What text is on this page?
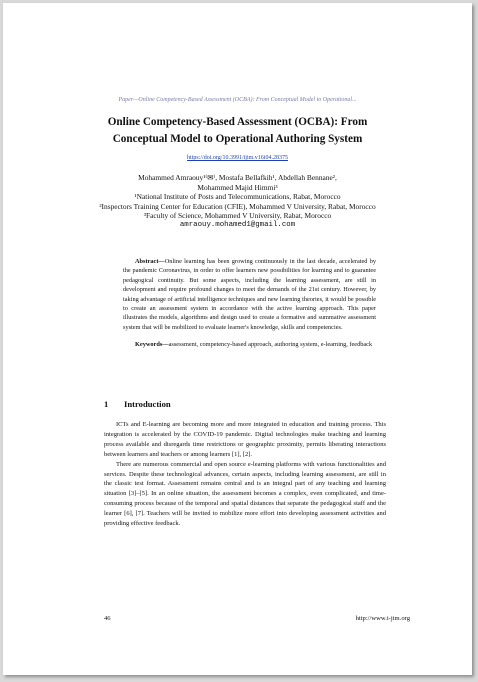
Paper—Online Competency-Based Assessment (OCBA): From Conceptual Model to Operational...
Online Competency-Based Assessment (OCBA): From
Conceptual Model to Operational Authoring System
https://doi.org/10.3991/ijim.v16i04.28375
Mohammed Amraouy¹⁽✉⁾, Mostafa Bellafkih¹, Abdellah Bennane²,
Mohammed Majid Himmi³
¹National Institute of Posts and Telecommunications, Rabat, Morocco
²Inspectors Training Center for Education (CFIE), Mohammed V University, Rabat, Morocco
³Faculty of Science, Mohammed V University, Rabat, Morocco
amraouy.mohamed1@gmail.com

Abstract—Online learning has been growing continuously in the last decade, accelerated by the pandemic Coronavirus, in order to offer learners new possibilities for learning and to guarantee pedagogical continuity. But some aspects, including the learning assessment, are still in development and require profound changes to meet the demands of the 21st century. However, by taking advantage of artificial intelligence techniques and new learning theories, it would be possible to create an assessment system in accordance with the active learning approach. This paper illustrates the models, algorithms and design used to create a formative and summative assessment system that will be mobilized to evaluate learner's knowledge, skills and competencies.

Keywords—assessment, competency-based approach, authoring system, e-learning, feedback

1 Introduction

ICTs and E-learning are becoming more and more integrated in education and training process. This integration is accelerated by the COVID-19 pandemic. Digital technologies make teaching and learning process available and disregards time restrictions or geographic proximity, permits liberating interactions between learners and teachers or among learners [1], [2].

There are numerous commercial and open source e-learning platforms with various functionalities and services. Despite these technological advances, certain aspects, including learning assessment, are still in the classic test format. Assessment remains central and is an integral part of any teaching and learning situation [3]–[5]. In an online situation, the assessment becomes a complex, even complicated, and time-consuming process because of the temporal and spatial distances that separate the pedagogical staff and the learner [6], [7]. Teachers will be invited to mobilize more effort into developing assessment activities and providing effective feedback.

46	http://www.i-jim.org
